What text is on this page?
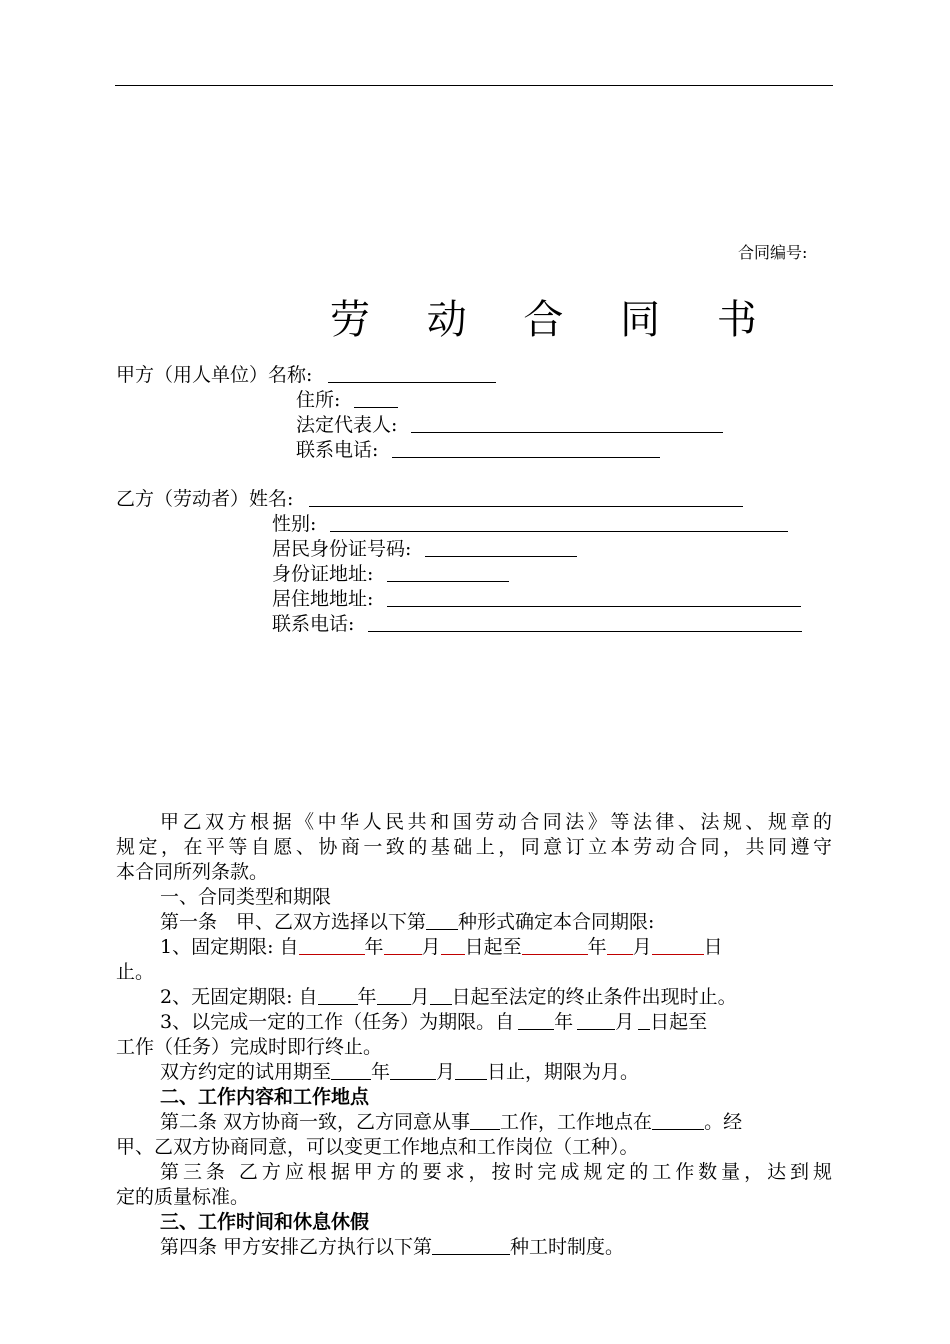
合同编号:
劳 动 合 同 书
甲方（用人单位）名称:
住所:
法定代表人:
联系电话:
乙方（劳动者）姓名:
性别:
居民身份证号码:
身份证地址:
居住地地址:
联系电话:

甲乙双方根据《中华人民共和国劳动合同法》等法律、法规、规章的

规定，在平等自愿、协商一致的基础上，同意订立本劳动合同，共同遵守

本合同所列条款。

一、合同类型和期限

第一条　甲、乙双方选择以下第 种形式确定本合同期限:

1、固定期限: 自	年 月 日起至	年 月	日

止。

2、无固定期限: 自 年 月 日起至法定的终止条件出现时止。

3、以完成一定的工作（任务）为期限。自 年 月 日起至

工作（任务）完成时即行终止。

双方约定的试用期至 年 月 日止，期限为月。

二、工作内容和工作地点

第二条 双方协商一致，乙方同意从事 工作，工作地点在	。经

甲、乙双方协商同意，可以变更工作地点和工作岗位（工种）。

第三条 乙方应根据甲方的要求，按时完成规定的工作数量，达到规

定的质量标准。

三、工作时间和休息休假

第四条 甲方安排乙方执行以下第	种工时制度。
